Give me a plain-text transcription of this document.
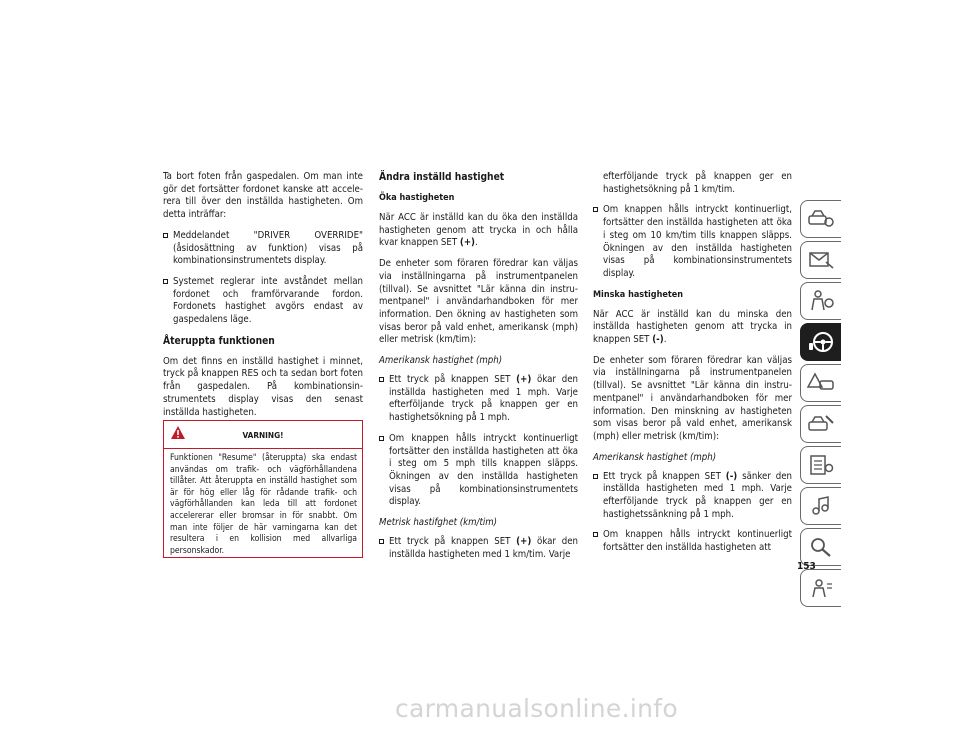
Ta bort foten från gaspedalen. Om man inte gör det fortsätter fordonet kanske att accele-rera till över den inställda hastigheten. Om detta inträffar:

Meddelandet "DRIVER OVERRIDE" (åsidosättning av funktion) visas på kombinationsinstrumentets display.
Systemet reglerar inte avståndet mellan fordonet och framförvarande fordon. Fordonets hastighet avgörs endast av gaspedalens läge.
Återuppta funktionen

Om det finns en inställd hastighet i minnet, tryck på knappen RES och ta sedan bort foten från gaspedalen. På kombinationsin-strumentets display visas den senast inställda hastigheten.

VARNING!
Funktionen "Resume" (återuppta) ska endast användas om trafik- och vägförhållandena tillåter. Att återuppta en inställd hastighet som är för hög eller låg för rådande trafik- och vägförhållanden kan leda till att fordonet accelererar eller bromsar in för snabbt. Om man inte följer de här varningarna kan det resultera i en kollision med allvarliga personskador.
Ändra inställd hastighet
Öka hastigheten

När ACC är inställd kan du öka den inställda hastigheten genom att trycka in och hålla kvar knappen SET (+).

De enheter som föraren föredrar kan väljas via inställningarna på instrumentpanelen (tillval). Se avsnittet "Lär känna din instru-mentpanel" i användarhandboken för mer information. Den ökning av hastigheten som visas beror på vald enhet, amerikansk (mph) eller metrisk (km/tim):

Amerikansk hastighet (mph)
Ett tryck på knappen SET (+) ökar den inställda hastigheten med 1 mph. Varje efterföljande tryck på knappen ger en hastighetsökning på 1 mph.
Om knappen hålls intryckt kontinuerligt fortsätter den inställda hastigheten att öka i steg om 5 mph tills knappen släpps. Ökningen av den inställda hastigheten visas på kombinationsinstrumentets display.
Metrisk hastifghet (km/tim)
Ett tryck på knappen SET (+) ökar den inställda hastigheten med 1 km/tim. Varje

efterföljande tryck på knappen ger en hastighetsökning på 1 km/tim.

Om knappen hålls intryckt kontinuerligt, fortsätter den inställda hastigheten att öka i steg om 10 km/tim tills knappen släpps. Ökningen av den inställda hastigheten visas på kombinationsinstrumentets display.
Minska hastigheten

När ACC är inställd kan du minska den inställda hastigheten genom att trycka in knappen SET (-).

De enheter som föraren föredrar kan väljas via inställningarna på instrumentpanelen (tillval). Se avsnittet "Lär känna din instru-mentpanel" i användarhandboken för mer information. Den minskning av hastigheten som visas beror på vald enhet, amerikansk (mph) eller metrisk (km/tim):

Amerikansk hastighet (mph)
Ett tryck på knappen SET (-) sänker den inställda hastigheten med 1 mph. Varje efterföljande tryck på knappen ger en hastighetssänkning på 1 mph.
Om knappen hålls intryckt kontinuerligt fortsätter den inställda hastigheten att
153
carmanualsonline.info
